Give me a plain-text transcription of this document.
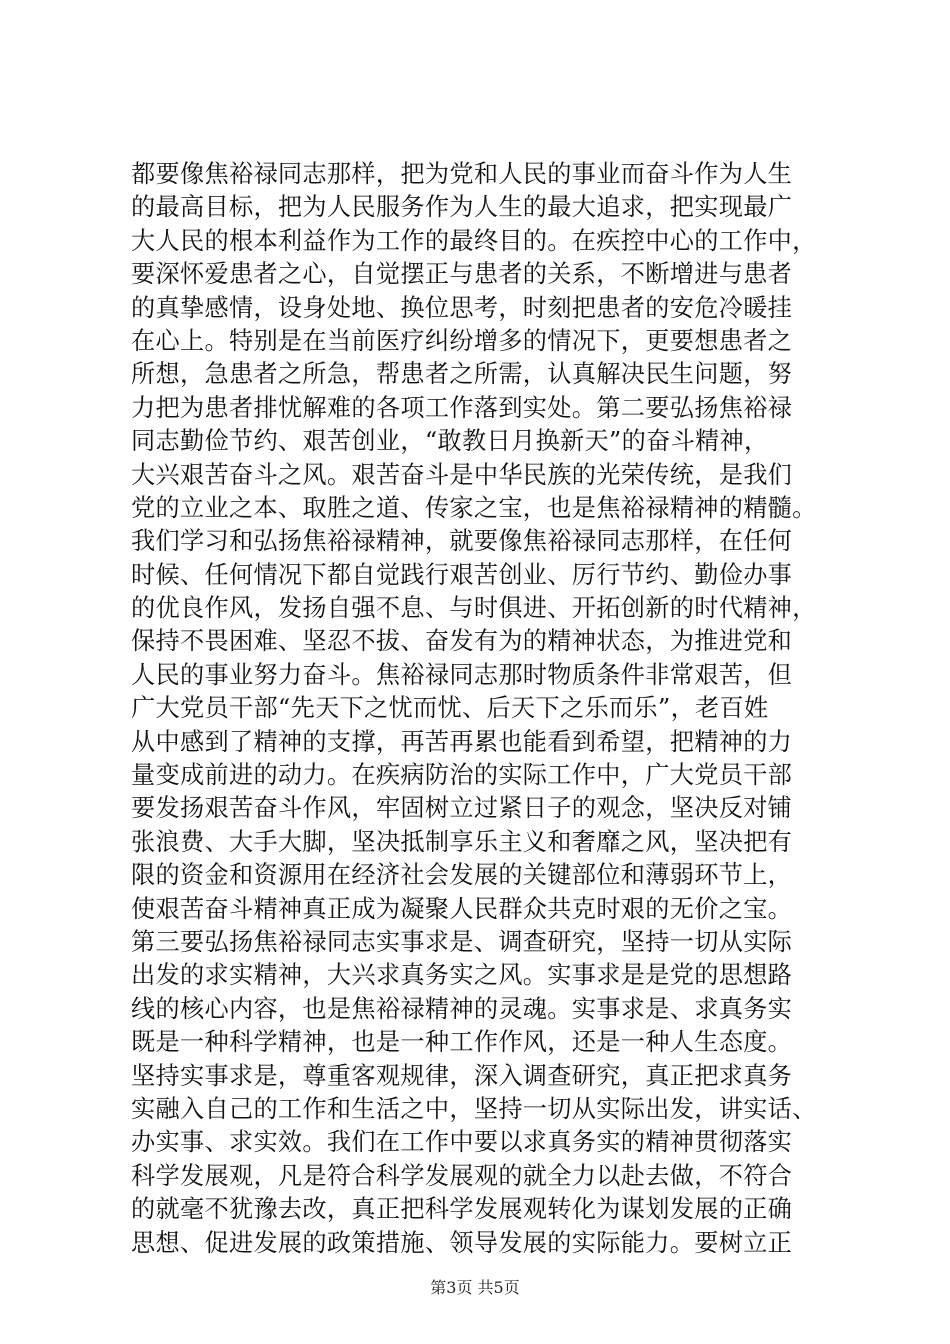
都要像焦裕禄同志那样，把为党和人民的事业而奋斗作为人生
的最高目标，把为人民服务作为人生的最大追求，把实现最广
大人民的根本利益作为工作的最终目的。在疾控中心的工作中，
要深怀爱患者之心，自觉摆正与患者的关系，不断增进与患者
的真挚感情，设身处地、换位思考，时刻把患者的安危冷暖挂
在心上。特别是在当前医疗纠纷增多的情况下，更要想患者之
所想，急患者之所急，帮患者之所需，认真解决民生问题，努
力把为患者排忧解难的各项工作落到实处。第二要弘扬焦裕禄
同志勤俭节约、艰苦创业，“敢教日月换新天”的奋斗精神，
大兴艰苦奋斗之风。艰苦奋斗是中华民族的光荣传统，是我们
党的立业之本、取胜之道、传家之宝，也是焦裕禄精神的精髓。
我们学习和弘扬焦裕禄精神，就要像焦裕禄同志那样，在任何
时候、任何情况下都自觉践行艰苦创业、厉行节约、勤俭办事
的优良作风，发扬自强不息、与时俱进、开拓创新的时代精神，
保持不畏困难、坚忍不拔、奋发有为的精神状态，为推进党和
人民的事业努力奋斗。焦裕禄同志那时物质条件非常艰苦，但
广大党员干部“先天下之忧而忧、后天下之乐而乐”，老百姓
从中感到了精神的支撑，再苦再累也能看到希望，把精神的力
量变成前进的动力。在疾病防治的实际工作中，广大党员干部
要发扬艰苦奋斗作风，牢固树立过紧日子的观念，坚决反对铺
张浪费、大手大脚，坚决抵制享乐主义和奢靡之风，坚决把有
限的资金和资源用在经济社会发展的关键部位和薄弱环节上，
使艰苦奋斗精神真正成为凝聚人民群众共克时艰的无价之宝。
第三要弘扬焦裕禄同志实事求是、调查研究，坚持一切从实际
出发的求实精神，大兴求真务实之风。实事求是是党的思想路
线的核心内容，也是焦裕禄精神的灵魂。实事求是、求真务实
既是一种科学精神，也是一种工作作风，还是一种人生态度。
坚持实事求是，尊重客观规律，深入调查研究，真正把求真务
实融入自己的工作和生活之中，坚持一切从实际出发，讲实话、
办实事、求实效。我们在工作中要以求真务实的精神贯彻落实
科学发展观，凡是符合科学发展观的就全力以赴去做，不符合
的就毫不犹豫去改，真正把科学发展观转化为谋划发展的正确
思想、促进发展的政策措施、领导发展的实际能力。要树立正
第3页 共5页
